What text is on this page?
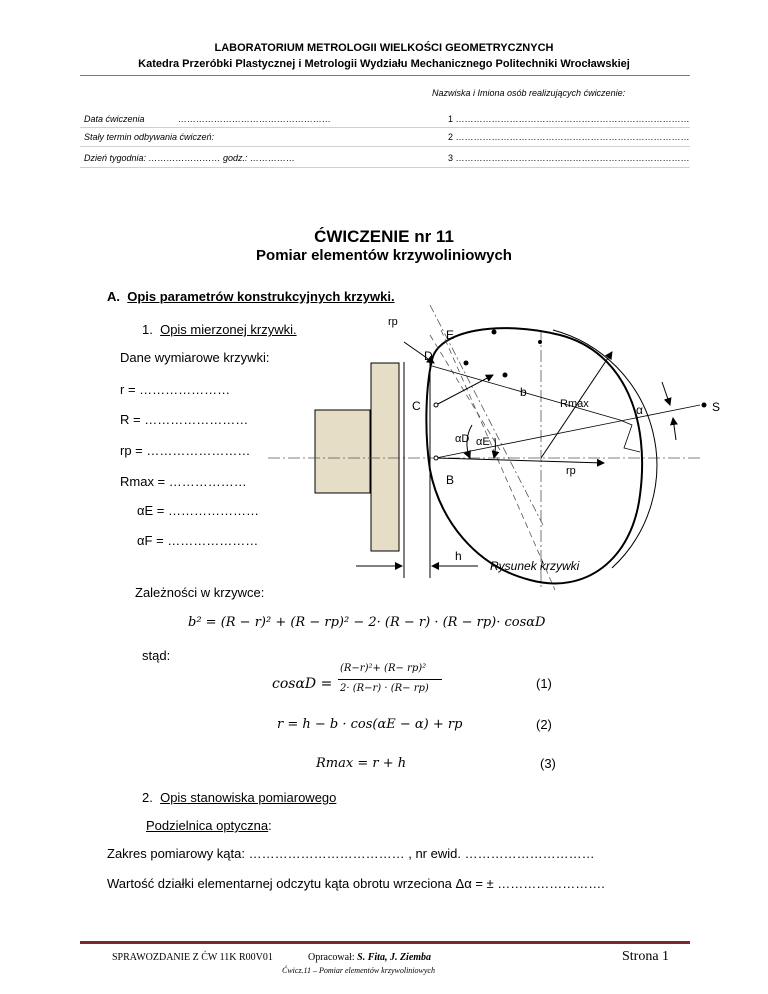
LABORATORIUM METROLOGII WIELKOŚCI GEOMETRYCZNYCH
Katedra Przeróbki Plastycznej i Metrologii Wydziału Mechanicznego Politechniki Wrocławskiej
Nazwiska i Imiona osób realizujących ćwiczenie:
Data ćwiczenia	……………………………………………	1 ……………………………………………………………………
Stały termin odbywania ćwiczeń:	2 ……………………………………………………………………
Dzień tygodnia: …………………… godz.: ……………	3 ……………………………………………………………………
ĆWICZENIE nr 11
Pomiar elementów krzywoliniowych
A. Opis parametrów konstrukcyjnych krzywki.
1. Opis mierzonej krzywki.
Dane wymiarowe krzywki:
r = …………………
R = ……………………
rp = ……………………
Rmax = ………………
αE = …………………
αF = …………………
rp
E
D
C
b
Rmax	α	S
αD αE
rp
B
h
Rysunek krzywki
Zależności w krzywce:
b² = (R − r)² + (R − rp)² − 2· (R − r) · (R − rp)· cosαD
stąd:
cosαD =
(R−r)²+ (R− rp)²
2· (R−r) · (R− rp)	(1)
r = h − b · cos(αE − α) + rp	(2)
Rmax = r + h	(3)
2. Opis stanowiska pomiarowego
Podzielnica optyczna:
Zakres pomiarowy kąta: ……………………………… , nr ewid. …………………………
Wartość działki elementarnej odczytu kąta obrotu wrzeciona Δα = ± …………………….
SPRAWOZDANIE Z ĆW 11K R00V01	Opracował: S. Fita, J. Ziemba
Ćwicz.11 – Pomiar elementów krzywoliniowych
Strona 1
